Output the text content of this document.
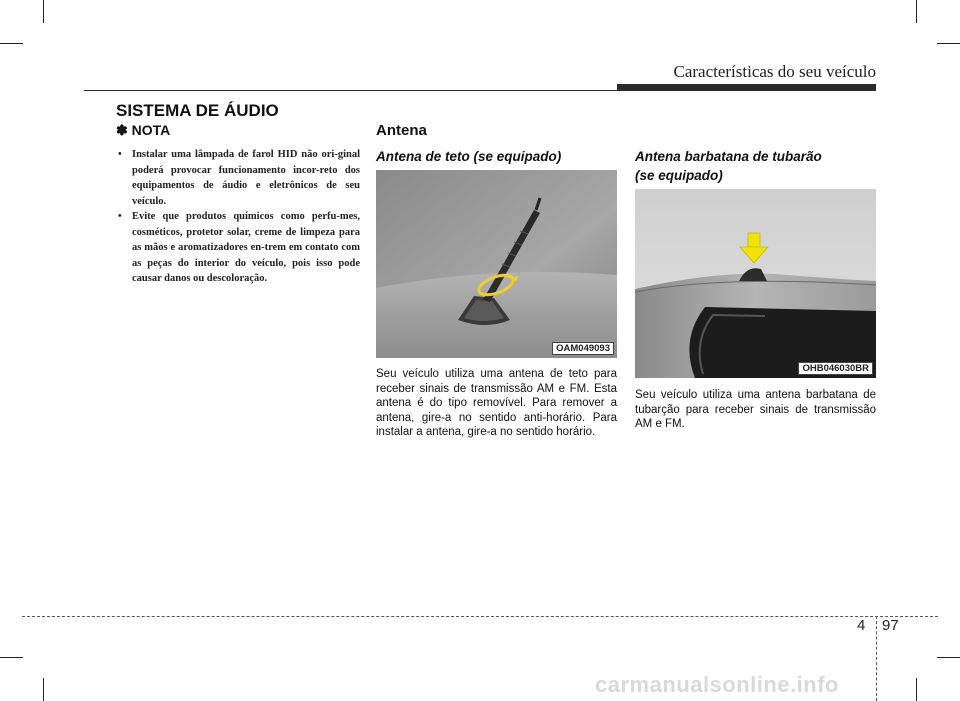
Características do seu veículo
SISTEMA DE ÁUDIO
✽ NOTA
• Instalar uma lâmpada de farol HID não ori-ginal poderá provocar funcionamento incor-reto dos equipamentos de áudio e eletrônicos de seu veículo.
• Evite que produtos químicos como perfu-mes, cosméticos, protetor solar, creme de limpeza para as mãos e aromatizadores en-trem em contato com as peças do interior do veículo, pois isso pode causar danos ou descoloração.
Antena
Antena de teto (se equipado)
OAM049093
Seu veículo utiliza uma antena de teto para receber sinais de transmissão AM e FM. Esta antena é do tipo removível. Para remover a antena, gire-a no sentido anti-horário. Para instalar a antena, gire-a no sentido horário.
Antena barbatana de tubarão
(se equipado)
OHB046030BR
Seu veículo utiliza uma antena barbatana de tubarção para receber sinais de transmissão AM e FM.
4 97
carmanualsonline.info
